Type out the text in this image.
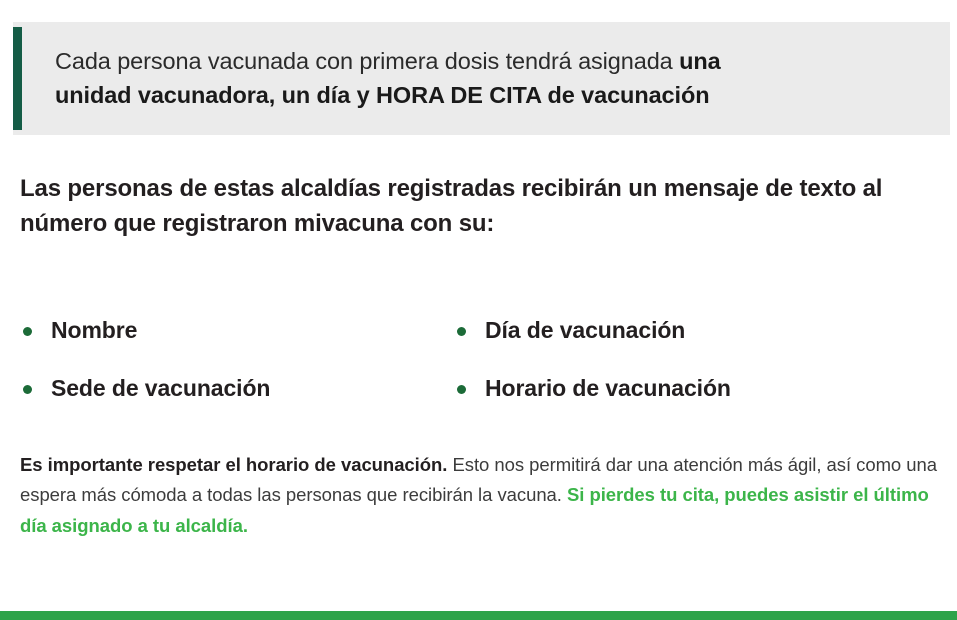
Cada persona vacunada con primera dosis tendrá asignada una
unidad vacunadora, un día y HORA DE CITA de vacunación
Las personas de estas alcaldías registradas recibirán un mensaje de texto al número que registraron mivacuna con su:
Nombre	Día de vacunación
Sede de vacunación	Horario de vacunación
Es importante respetar el horario de vacunación. Esto nos permitirá dar una atención más ágil, así como una espera más cómoda a todas las personas que recibirán la vacuna. Si pierdes tu cita, puedes asistir el último día asignado a tu alcaldía.
